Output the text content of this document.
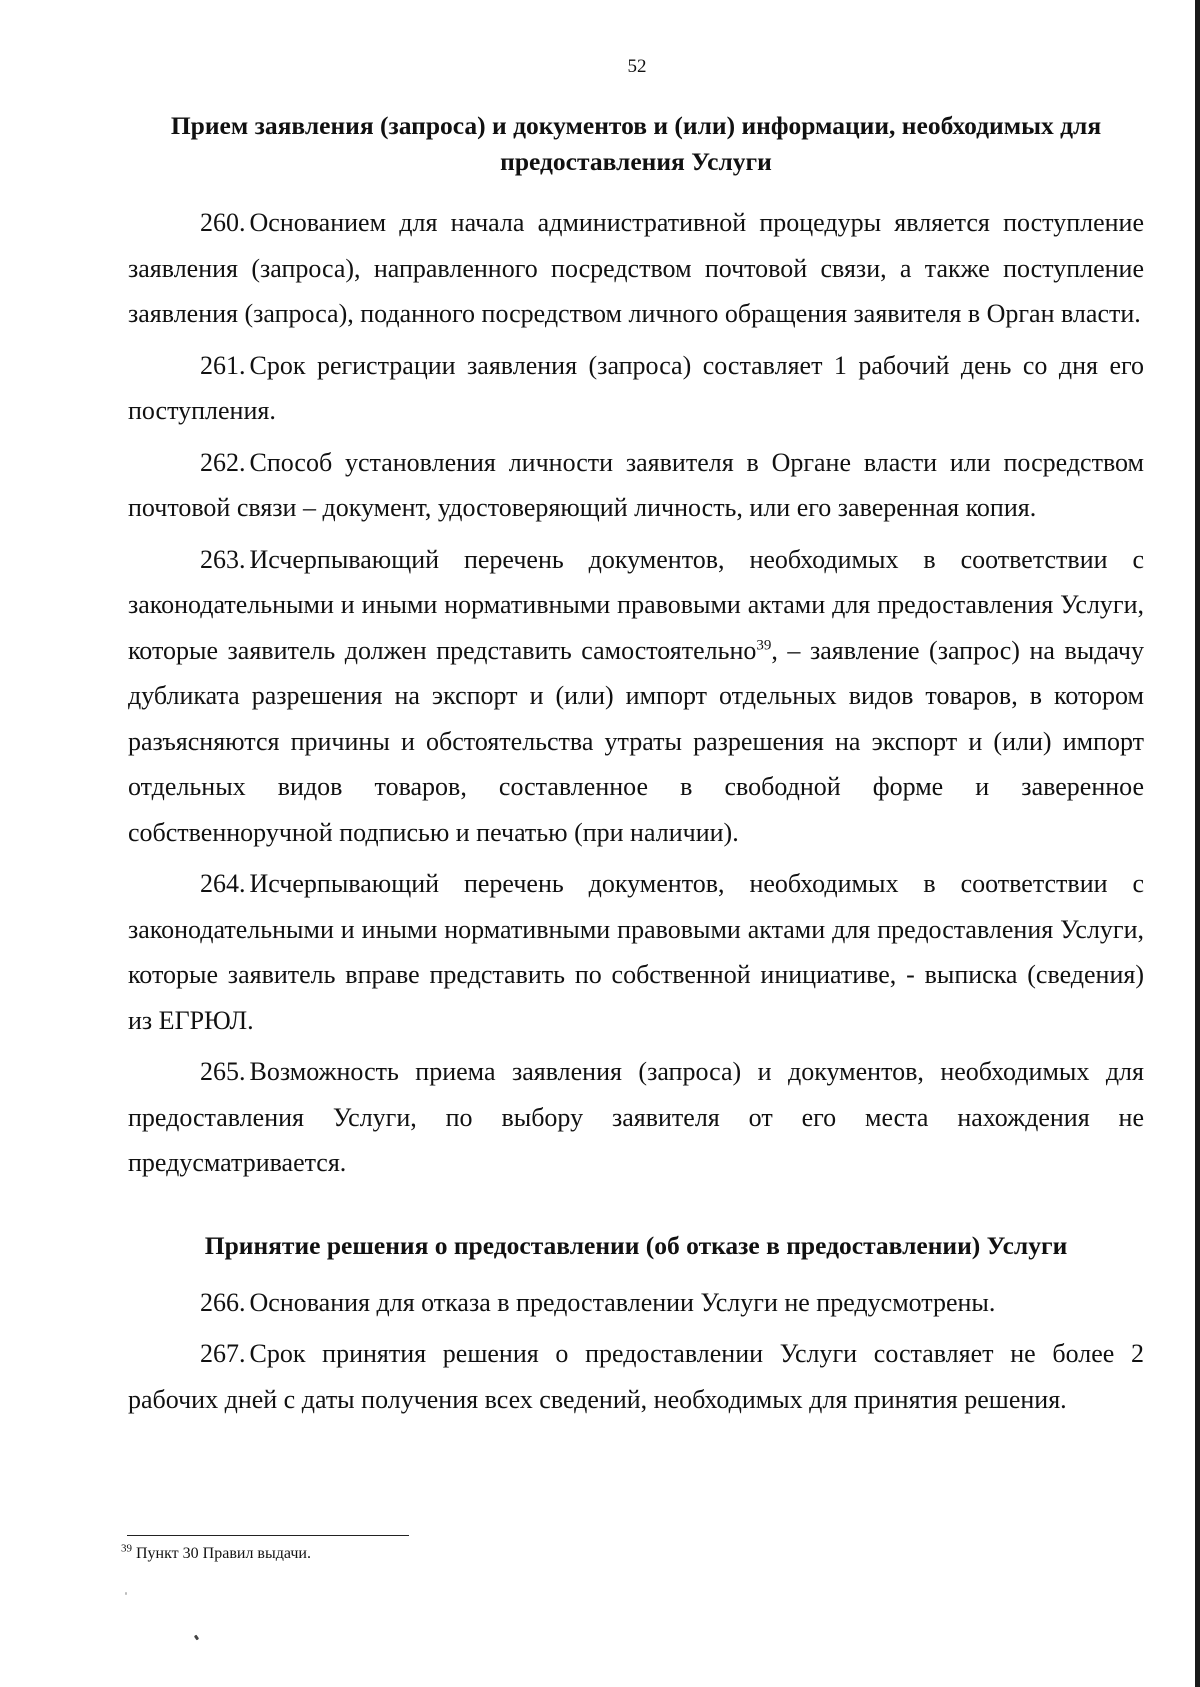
52

Прием заявления (запроса) и документов и (или) информации, необходимых для предоставления Услуги

260. Основанием для начала административной процедуры является поступление заявления (запроса), направленного посредством почтовой связи, а также поступление заявления (запроса), поданного посредством личного обращения заявителя в Орган власти.

261. Срок регистрации заявления (запроса) составляет 1 рабочий день со дня его поступления.

262. Способ установления личности заявителя в Органе власти или посредством почтовой связи – документ, удостоверяющий личность, или его заверенная копия.

263. Исчерпывающий перечень документов, необходимых в соответствии с законодательными и иными нормативными правовыми актами для предоставления Услуги, которые заявитель должен представить самостоятельно$^{39}$, – заявление (запрос) на выдачу дубликата разрешения на экспорт и (или) импорт отдельных видов товаров, в котором разъясняются причины и обстоятельства утраты разрешения на экспорт и (или) импорт отдельных видов товаров, составленное в свободной форме и заверенное собственноручной подписью и печатью (при наличии).

264. Исчерпывающий перечень документов, необходимых в соответствии с законодательными и иными нормативными правовыми актами для предоставления Услуги, которые заявитель вправе представить по собственной инициативе, - выписка (сведения) из ЕГРЮЛ.

265. Возможность приема заявления (запроса) и документов, необходимых для предоставления Услуги, по выбору заявителя от его места нахождения не предусматривается.

Принятие решения о предоставлении (об отказе в предоставлении) Услуги

266. Основания для отказа в предоставлении Услуги не предусмотрены.

267. Срок принятия решения о предоставлении Услуги составляет не более 2 рабочих дней с даты получения всех сведений, необходимых для принятия решения.

$^{39}$ Пункт 30 Правил выдачи.
